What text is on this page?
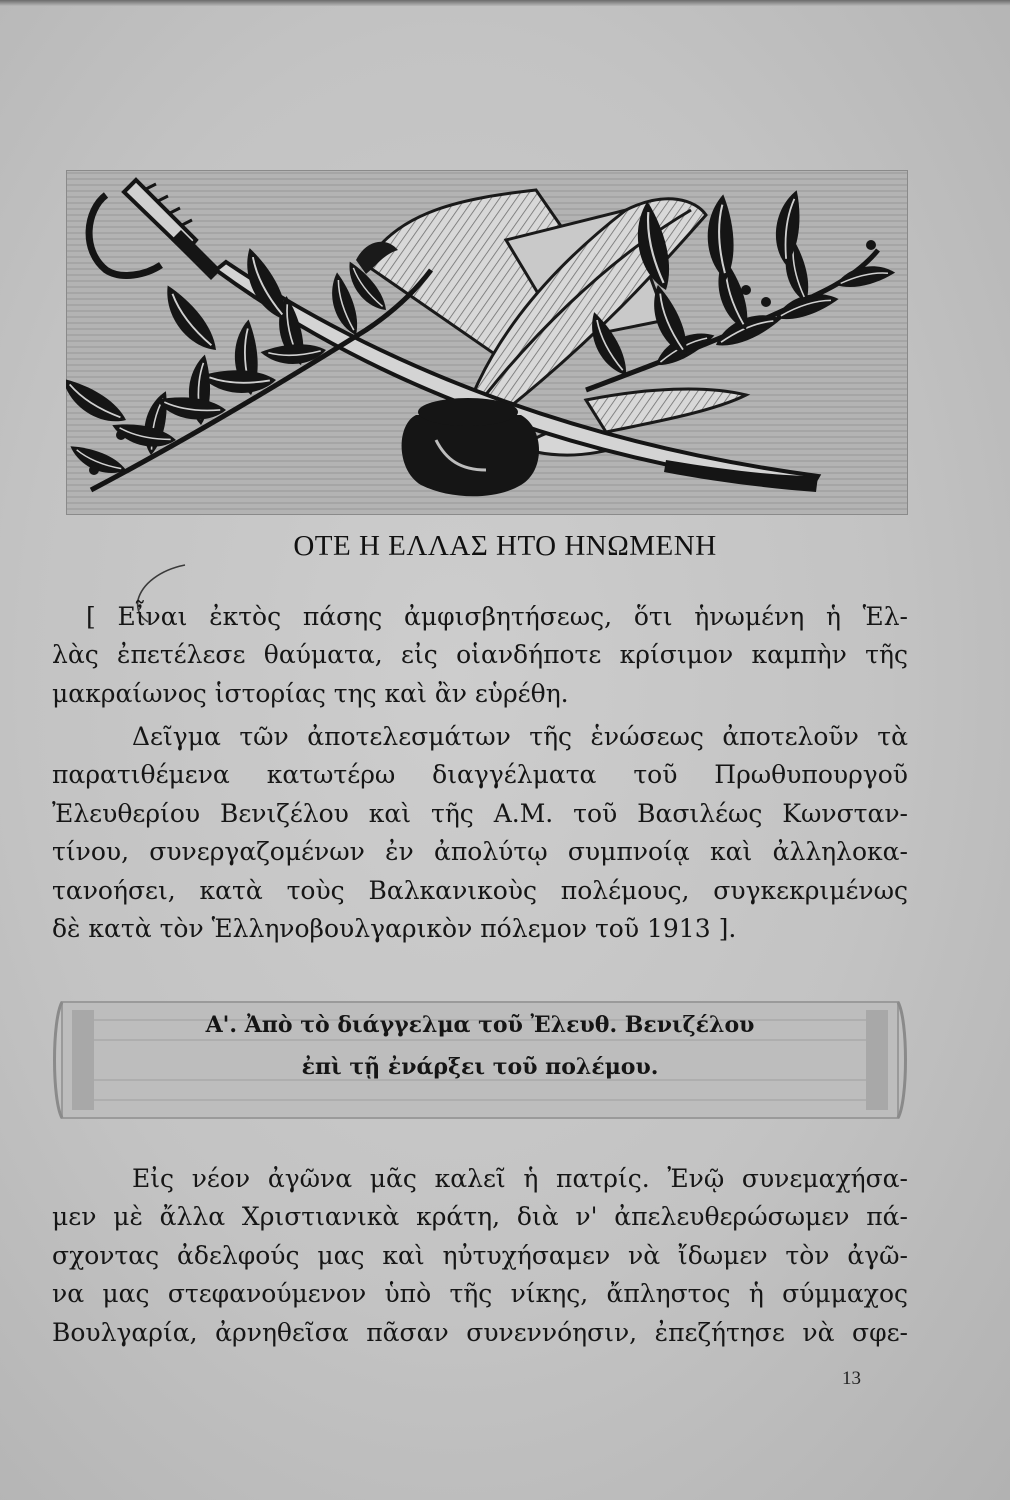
ΟΤΕ Η ΕΛΛΑΣ ΗΤΟ ΗΝΩΜΕΝΗ
[ Εἶναι ἐκτὸς πάσης ἀμφισβητήσεως, ὅτι ἡνωμένη ἡ Ἑλ-
λὰς ἐπετέλεσε θαύματα, εἰς οἱανδήποτε κρίσιμον καμπὴν τῆς
μακραίωνος ἱστορίας της καὶ ἂν εὑρέθη.
Δεῖγμα τῶν ἀποτελεσμάτων τῆς ἑνώσεως ἀποτελοῦν τὰ
παρατιθέμενα κατωτέρω διαγγέλματα τοῦ Πρωθυπουργοῦ
Ἐλευθερίου Βενιζέλου καὶ τῆς Α.Μ. τοῦ Βασιλέως Κωνσταν-
τίνου, συνεργαζομένων ἐν ἀπολύτῳ συμπνοίᾳ καὶ ἀλληλοκα-
τανοήσει, κατὰ τοὺς Βαλκανικοὺς πολέμους, συγκεκριμένως
δὲ κατὰ τὸν Ἑλληνοβουλγαρικὸν πόλεμον τοῦ 1913 ].
Α'. Ἀπὸ τὸ διάγγελμα τοῦ Ἐλευθ. Βενιζέλου
ἐπὶ τῇ ἐνάρξει τοῦ πολέμου.
Εἰς νέον ἀγῶνα μᾶς καλεῖ ἡ πατρίς. Ἐνῷ συνεμαχήσα-
μεν μὲ ἄλλα Χριστιανικὰ κράτη, διὰ ν' ἀπελευθερώσωμεν πά-
σχοντας ἀδελφούς μας καὶ ηὐτυχήσαμεν νὰ ἴδωμεν τὸν ἀγῶ-
να μας στεφανούμενον ὑπὸ τῆς νίκης, ἄπληστος ἡ σύμμαχος
Βουλγαρία, ἀρνηθεῖσα πᾶσαν συνεννόησιν, ἐπεζήτησε νὰ σφε-
13
